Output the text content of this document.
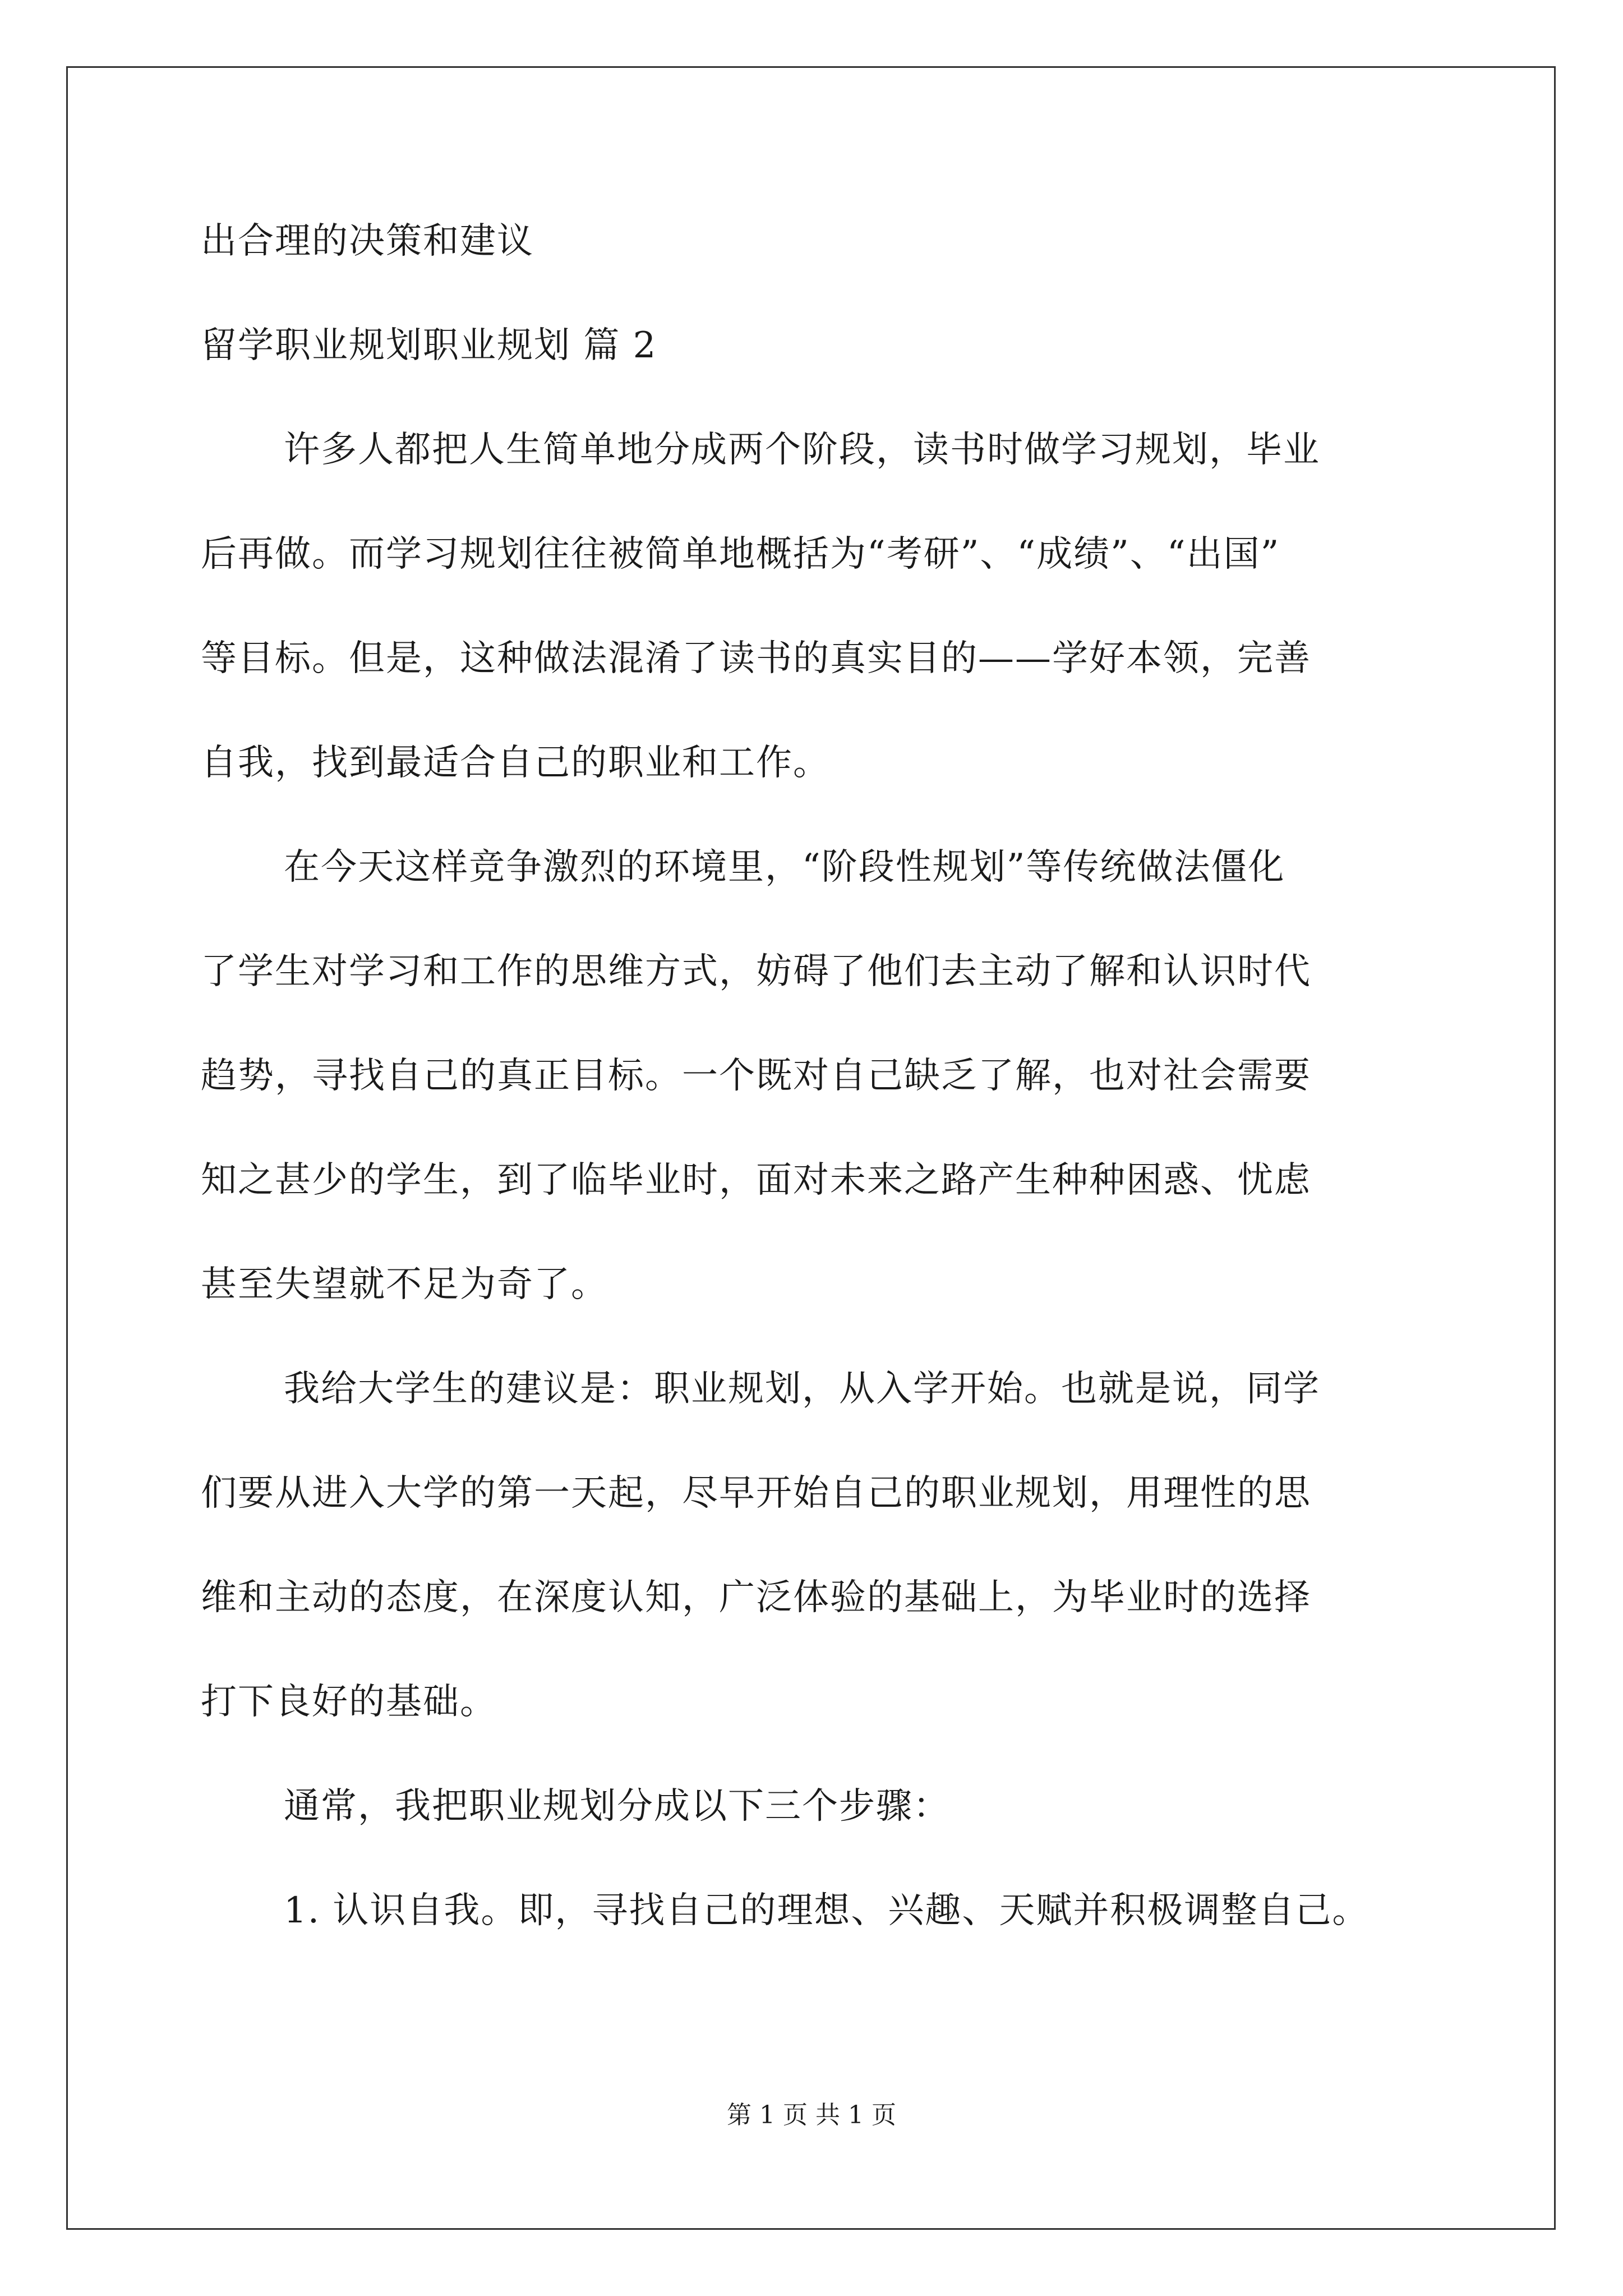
出合理的决策和建议
留学职业规划职业规划 篇 2
许多人都把人生简单地分成两个阶段，读书时做学习规划，毕业
后再做。而学习规划往往被简单地概括为“考研”、“成绩”、“出国”
等目标。但是，这种做法混淆了读书的真实目的——学好本领，完善
自我，找到最适合自己的职业和工作。
在今天这样竞争激烈的环境里，“阶段性规划”等传统做法僵化
了学生对学习和工作的思维方式，妨碍了他们去主动了解和认识时代
趋势，寻找自己的真正目标。一个既对自己缺乏了解，也对社会需要
知之甚少的学生，到了临毕业时，面对未来之路产生种种困惑、忧虑
甚至失望就不足为奇了。
我给大学生的建议是：职业规划，从入学开始。也就是说，同学
们要从进入大学的第一天起，尽早开始自己的职业规划，用理性的思
维和主动的态度，在深度认知，广泛体验的基础上，为毕业时的选择
打下良好的基础。
通常，我把职业规划分成以下三个步骤：
1. 认识自我。即，寻找自己的理想、兴趣、天赋并积极调整自己。
第 1 页 共 1 页
